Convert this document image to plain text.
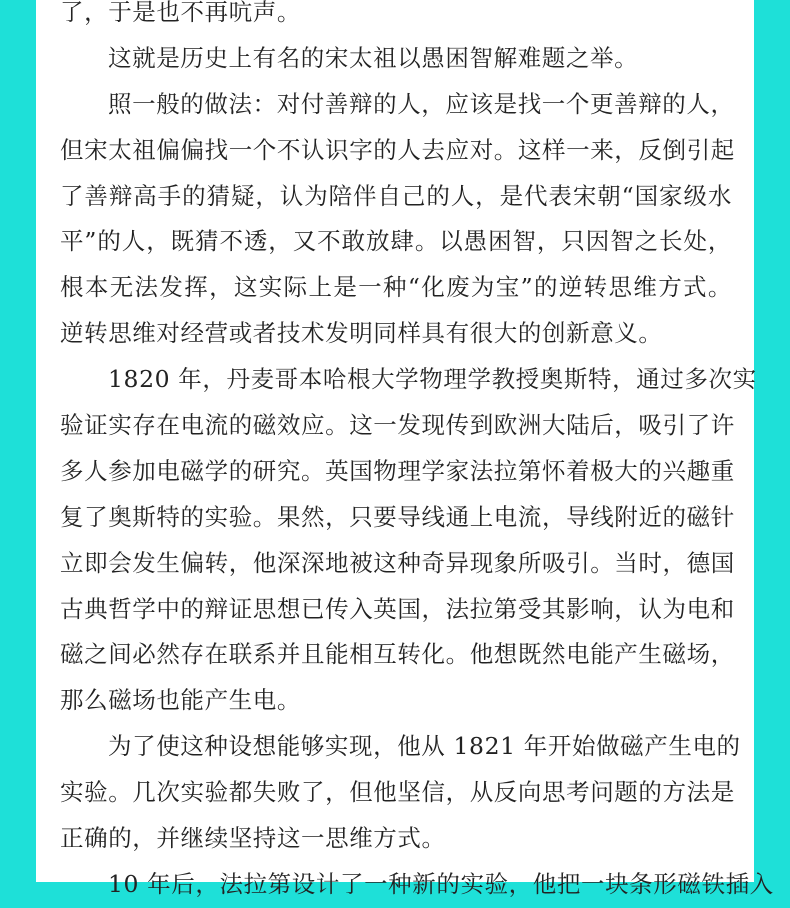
了，于是也不再吭声。
这就是历史上有名的宋太祖以愚困智解难题之举。
照一般的做法：对付善辩的人，应该是找一个更善辩的人，
但宋太祖偏偏找一个不认识字的人去应对。这样一来，反倒引起
了善辩高手的猜疑，认为陪伴自己的人，是代表宋朝“国家级水
平”的人，既猜不透，又不敢放肆。以愚困智，只因智之长处，
根本无法发挥，这实际上是一种“化废为宝”的逆转思维方式。
逆转思维对经营或者技术发明同样具有很大的创新意义。
1820 年，丹麦哥本哈根大学物理学教授奥斯特，通过多次实
验证实存在电流的磁效应。这一发现传到欧洲大陆后，吸引了许
多人参加电磁学的研究。英国物理学家法拉第怀着极大的兴趣重
复了奥斯特的实验。果然，只要导线通上电流，导线附近的磁针
立即会发生偏转，他深深地被这种奇异现象所吸引。当时，德国
古典哲学中的辩证思想已传入英国，法拉第受其影响，认为电和
磁之间必然存在联系并且能相互转化。他想既然电能产生磁场，
那么磁场也能产生电。
为了使这种设想能够实现，他从 1821 年开始做磁产生电的
实验。几次实验都失败了，但他坚信，从反向思考问题的方法是
正确的，并继续坚持这一思维方式。
10 年后，法拉第设计了一种新的实验，他把一块条形磁铁插入
